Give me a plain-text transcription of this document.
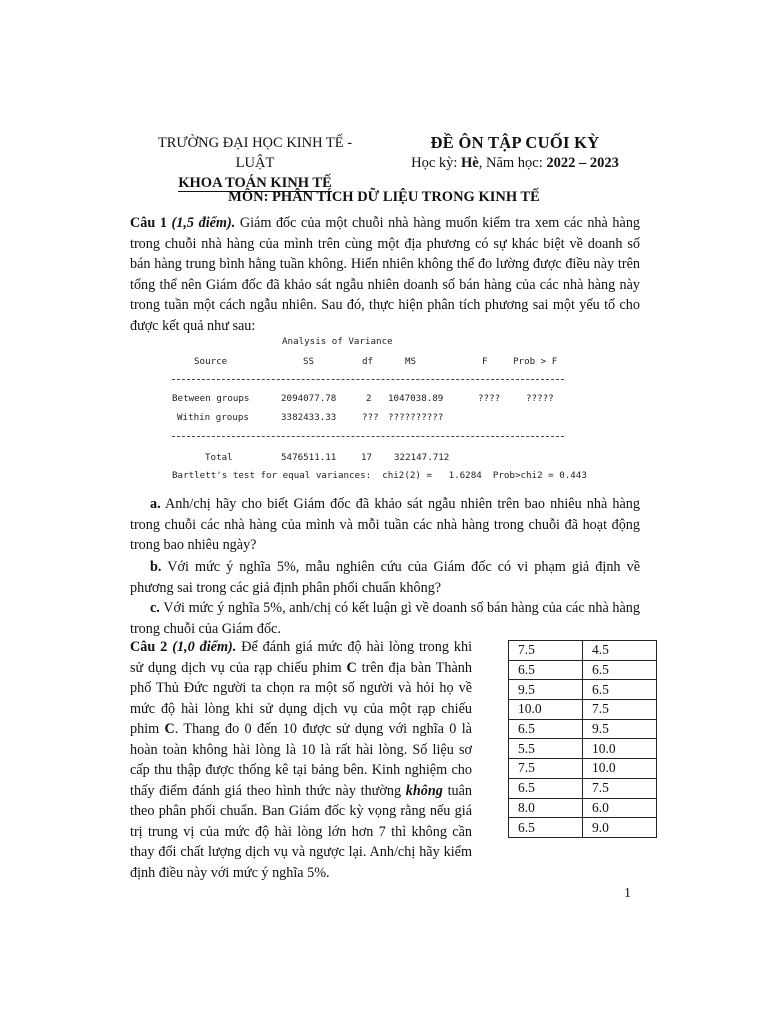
TRƯỜNG ĐẠI HỌC KINH TẾ - LUẬT
KHOA TOÁN KINH TẾ
ĐỀ ÔN TẬP CUỐI KỲ
Học kỳ: Hè, Năm học: 2022 – 2023
MÔN: PHÂN TÍCH DỮ LIỆU TRONG KINH TẾ

Câu 1 (1,5 điểm). Giám đốc của một chuỗi nhà hàng muốn kiểm tra xem các nhà hàng trong chuỗi nhà hàng của mình trên cùng một địa phương có sự khác biệt về doanh số bán hàng trung bình hằng tuần không. Hiển nhiên không thể đo lường được điều này trên tổng thể nên Giám đốc đã khảo sát ngẫu nhiên doanh số bán hàng của các nhà hàng này trong tuần một cách ngẫu nhiên. Sau đó, thực hiện phân tích phương sai một yếu tố cho được kết quả như sau:

Analysis of Variance
Source	SS	df	MS	F	Prob > F
Between groups	2094077.78	2 1047038.89	????	?????
Within groups	3382433.33	??? ??????????
Total	5476511.11	17 322147.712
Bartlett's test for equal variances:  chi2(2) =   1.6284  Prob>chi2 = 0.443

a. Anh/chị hãy cho biết Giám đốc đã khảo sát ngẫu nhiên trên bao nhiêu nhà hàng trong chuỗi các nhà hàng của mình và mỗi tuần các nhà hàng trong chuỗi đã hoạt động trong bao nhiêu ngày?

b. Với mức ý nghĩa 5%, mẫu nghiên cứu của Giám đốc có vi phạm giả định về phương sai trong các giả định phân phối chuẩn không?

c. Với mức ý nghĩa 5%, anh/chị có kết luận gì về doanh số bán hàng của các nhà hàng trong chuỗi của Giám đốc.

Câu 2 (1,0 điểm). Để đánh giá mức độ hài lòng trong khi sử dụng dịch vụ của rạp chiếu phim C trên địa bàn Thành phố Thủ Đức người ta chọn ra một số người và hỏi họ về mức độ hài lòng khi sử dụng dịch vụ của một rạp chiếu phim C. Thang đo 0 đến 10 được sử dụng với nghĩa 0 là hoàn toàn không hài lòng là 10 là rất hài lòng. Số liệu sơ cấp thu thập được thống kê tại bảng bên. Kinh nghiệm cho thấy điểm đánh giá theo hình thức này thường không tuân theo phân phối chuẩn. Ban Giám đốc kỳ vọng rằng nếu giá trị trung vị của mức độ hài lòng lớn hơn 7 thì không cần thay đổi chất lượng dịch vụ và ngược lại. Anh/chị hãy kiểm định điều này với mức ý nghĩa 5%.

7.5	4.5
6.5	6.5
9.5	6.5
10.0	7.5
6.5	9.5
5.5	10.0
7.5	10.0
6.5	7.5
8.0	6.0
6.5	9.0
1
